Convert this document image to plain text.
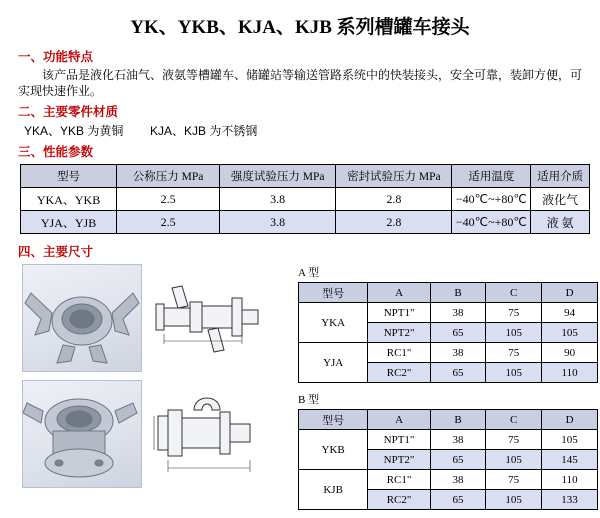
YK、YKB、KJA、KJB 系列槽罐车接头
一、功能特点
该产品是液化石油气、液氨等槽罐车、储罐站等输送管路系统中的快装接头，安全可靠，装卸方便，可实现快速作业。
二、主要零件材质
YKA、YKB 为黄铜        KJA、KJB 为不锈钢
三、性能参数
型号	公称压力 MPa	强度试验压力 MPa	密封试验压力 MPa	适用温度	适用介质
YKA、YKB	2.5	3.8	2.8	−40℃~+80℃	液化气
YJA、YJB	2.5	3.8	2.8	−40℃~+80℃	液 氨
四、主要尺寸
A 型
型号	A	B	C	D
YKA	NPT1"	38	75	94
	NPT2"	65	105	105
YJA	RC1"	38	75	90
	RC2"	65	105	110
B 型
型号	A	B	C	D
YKB	NPT1"	38	75	105
	NPT2"	65	105	145
KJB	RC1"	38	75	110
	RC2"	65	105	133
